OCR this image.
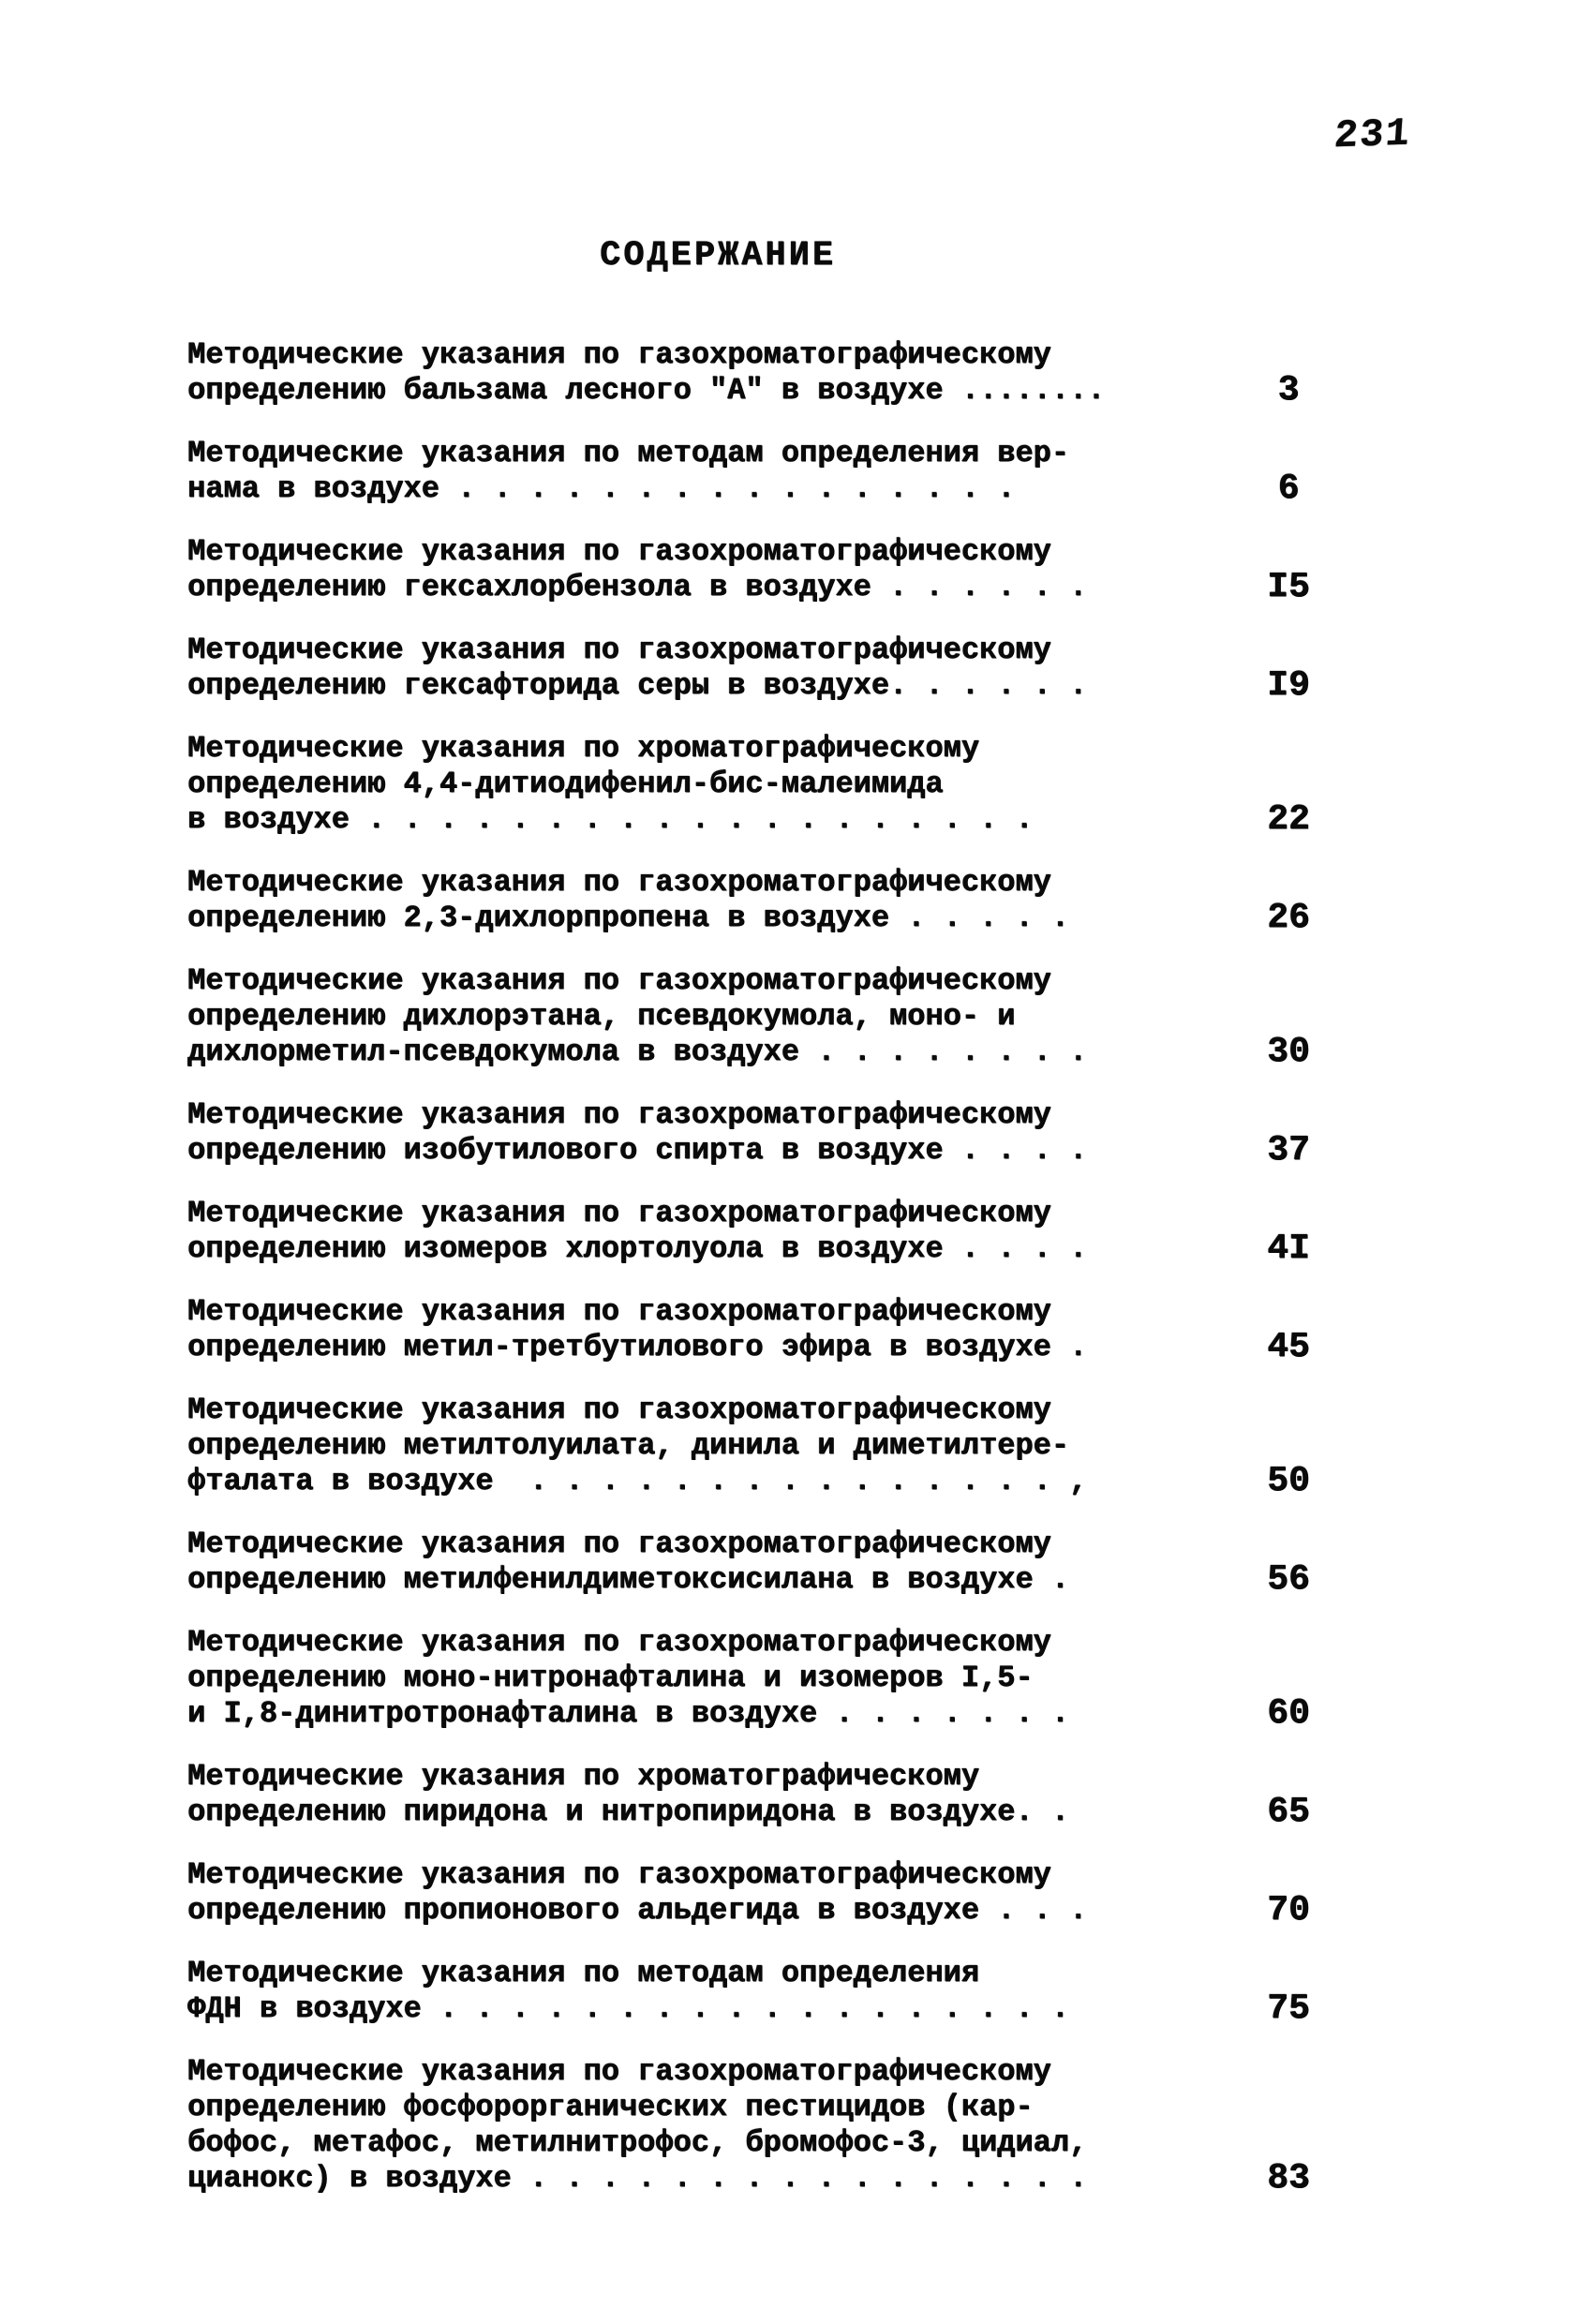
231
СОДЕРЖАНИЕ
Методические указания по газохроматографическому
определению бальзама лесного "А" в воздухе ........	3
Методические указания по методам определения вер-
нама в воздухе . . . . . . . . . . . . . . . .	6
Методические указания по газохроматографическому
определению гексахлорбензола в воздухе . . . . . .	I5
Методические указания по газохроматографическому
определению гексафторида серы в воздухе. . . . . .	I9
Методические указания по хроматографическому
определению 4,4-дитиодифенил-бис-малеимида
в воздухе . . . . . . . . . . . . . . . . . . .	22
Методические указания по газохроматографическому
определению 2,3-дихлорпропена в воздухе . . . . .	26
Методические указания по газохроматографическому
определению дихлорэтана, псевдокумола, моно- и
дихлорметил-псевдокумола в воздухе . . . . . . . .	30
Методические указания по газохроматографическому
определению изобутилового спирта в воздухе . . . .	37
Методические указания по газохроматографическому
определению изомеров хлортолуола в воздухе . . . .	4I
Методические указания по газохроматографическому
определению метил-третбутилового эфира в воздухе .	45
Методические указания по газохроматографическому
определению метилтолуилата, динила и диметилтере-
фталата в воздухе  . . . . . . . . . . . . . . . ,	50
Методические указания по газохроматографическому
определению метилфенилдиметоксисилана в воздухе .	56
Методические указания по газохроматографическому
определению моно-нитронафталина и изомеров I,5-
и I,8-динитротронафталина в воздухе . . . . . . .	60
Методические указания по хроматографическому
определению пиридона и нитропиридона в воздухе. .	65
Методические указания по газохроматографическому
определению пропионового альдегида в воздухе . . .	70
Методические указания по методам определения
ФДН в воздухе . . . . . . . . . . . . . . . . . .	75
Методические указания по газохроматографическому
определению фосфорорганических пестицидов (кар-
бофос, метафос, метилнитрофос, бромофос-3, цидиал,
цианокс) в воздухе . . . . . . . . . . . . . . . .	83
